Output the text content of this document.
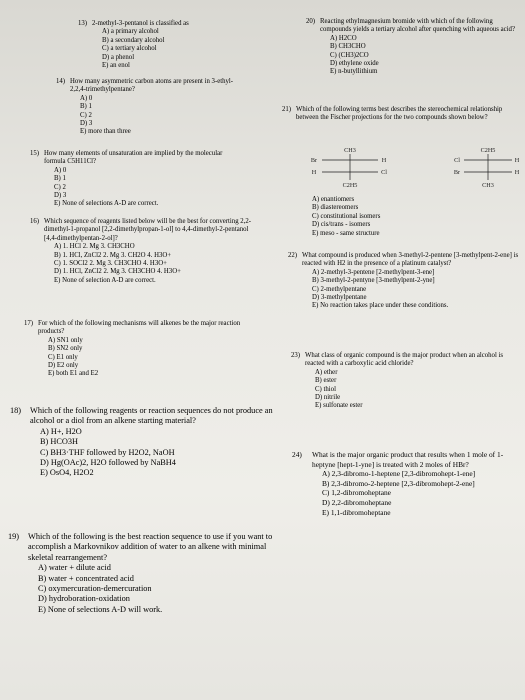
13) 2-methyl-3-pentanol is classified as
A) a primary alcohol
B) a secondary alcohol
C) a tertiary alcohol
D) a phenol
E) an enol
14) How many asymmetric carbon atoms are present in 3-ethyl-2,2,4-trimethylpentane?
A) 0
B) 1
C) 2
D) 3
E) more than three
15) How many elements of unsaturation are implied by the molecular formula C5H11Cl?
A) 0
B) 1
C) 2
D) 3
E) None of selections A-D are correct.
16) Which sequence of reagents listed below will be the best for converting 2,2-dimethyl-1-propanol [2,2-dimethylpropan-1-ol] to 4,4-dimethyl-2-pentanol [4,4-dimethylpentan-2-ol]?
A) 1. HCl 2. Mg 3. CH3CHO
B) 1. HCl, ZnCl2 2. Mg 3. CH2O 4. H3O+
C) 1. SOCl2 2. Mg 3. CH3CHO 4. H3O+
D) 1. HCl, ZnCl2 2. Mg 3. CH3CHO 4. H3O+
E) None of selection A-D are correct.
17) For which of the following mechanisms will alkenes be the major reaction products?
A) SN1 only
B) SN2 only
C) E1 only
D) E2 only
E) both E1 and E2
18) Which of the following reagents or reaction sequences do not produce an alcohol or a diol from an alkene starting material?
A) H+, H2O
B) HCO3H
C) BH3·THF followed by H2O2, NaOH
D) Hg(OAc)2, H2O followed by NaBH4
E) OsO4, H2O2
19) Which of the following is the best reaction sequence to use if you want to accomplish a Markovnikov addition of water to an alkene with minimal skeletal rearrangement?
A) water + dilute acid
B) water + concentrated acid
C) oxymercuration-demercuration
D) hydroboration-oxidation
E) None of selections A-D will work.
20) Reacting ethylmagnesium bromide with which of the following compounds yields a tertiary alcohol after quenching with aqueous acid?
A) H2CO
B) CH3CHO
C) (CH3)2CO
D) ethylene oxide
E) n-butyllithium
21) Which of the following terms best describes the stereochemical relationship between the Fischer projections for the two compounds shown below?
CH3
Br	H
H	Cl
C2H5
C2H5
Cl	H
Br	H
CH3
A) enantiomers
B) diastereomers
C) constitutional isomers
D) cis/trans - isomers
E) meso - same structure
22) What compound is produced when 3-methyl-2-pentene [3-methylpent-2-ene] is reacted with H2 in the presence of a platinum catalyst?
A) 2-methyl-3-pentene [2-methylpent-3-ene]
B) 3-methyl-2-pentyne [3-methylpent-2-yne]
C) 2-methylpentane
D) 3-methylpentane
E) No reaction takes place under these conditions.
23) What class of organic compound is the major product when an alcohol is reacted with a carboxylic acid chloride?
A) ether
B) ester
C) thiol
D) nitrile
E) sulfonate ester
24) What is the major organic product that results when 1 mole of 1-heptyne [hept-1-yne] is treated with 2 moles of HBr?
A) 2,3-dibromo-1-heptene [2,3-dibromohept-1-ene]
B) 2,3-dibromo-2-heptene [2,3-dibromohept-2-ene]
C) 1,2-dibromoheptane
D) 2,2-dibromoheptane
E) 1,1-dibromoheptane
